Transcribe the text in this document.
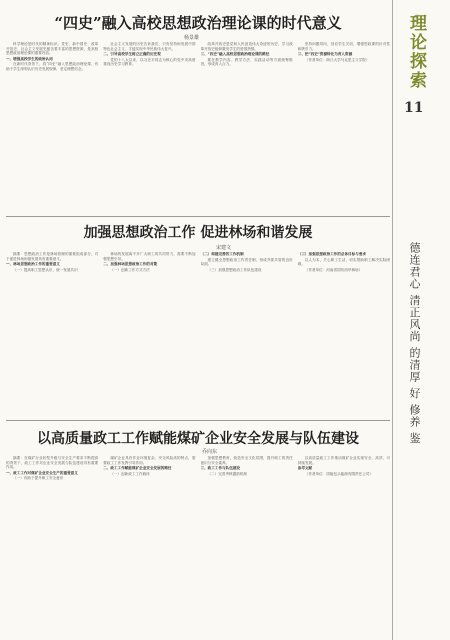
“四史”融入高校思想政治理论课的时代意义
杨景雄

科学理论是时代的精神标识。党史、新中国史、改革开放史、社会主义发展史蕴含着丰富的思想资源，是高校思想政治理论课的重要内容。

一、增强高校学生的政治认同

在新时代背景下，将“四史”融入思想政治理论课，有助于学生深刻认识历史发展规律，坚定理想信念。

社会主义发展的历史告诉我们，只有坚持和发展中国特色社会主义，才能实现中华民族伟大复兴。

二、引导高校学生树立正确的历史观

党的十八大以来，以习近平同志为核心的党中央高度重视历史学习教育。

改革开放史是党和人民创造伟大奇迹的历史，学习改革开放史能够激发学生的爱国热情。

三、“四史”融入高校思想政治理论课的路径

要在教学内容、教学方法、实践活动等方面统筹推进，形成育人合力。

坚持问题导向，回应学生关切，增强思政课的针对性和吸引力。

三、把“四史”资源转化为育人资源

（作者单位：商丘大学马克思主义学院）

加强思想政治工作 促进林场和谐发展
宋建文

摘要：思想政治工作是林场管理的重要组成部分，对于促进林场和谐发展具有重要意义。

一、林场思想政治工作的重要意义

（一）提高职工思想认识，统一发展共识

林场的发展离不开广大职工的共同努力，需要不断加强思想引导。

二、加强林场思想政治工作的对策

（一）创新工作方式方法

（二）构建完善的工作机制

建立健全思想政治工作责任制，形成齐抓共管的良好局面。

（三）加强思想政治工作队伍建设

（三）加强思想政治工作的总体目标与要求

以人为本，关心职工生活，切实帮助职工解决实际困难。

（作者单位：河南省国有西华林场）

以高质量政工工作赋能煤矿企业安全发展与队伍建设
乔向东

摘要：在煤矿行业转型升级与安全生产要求不断提高的背景下，政工工作对企业安全发展与队伍建设具有重要作用。

一、政工工作对煤矿企业安全生产的重要意义

（一）有助于提升职工安全意识

煤矿企业具有作业环境复杂、安全风险高的特点，需要政工工作发挥引导作用。

二、政工工作赋能煤矿企业安全发展的路径

（一）创新政工工作载体

加强思想教育，营造安全文化氛围，提升职工的责任意识与安全素养。

三、政工工作与队伍建设

（二）完善考核激励机制

以高质量政工工作推动煤矿企业实现安全、高效、可持续发展。

参考文献

（作者单位：国能包头能源有限责任公司）

理论探索
11
德连君心 清正风尚 的清厚 好 修养 鉴
